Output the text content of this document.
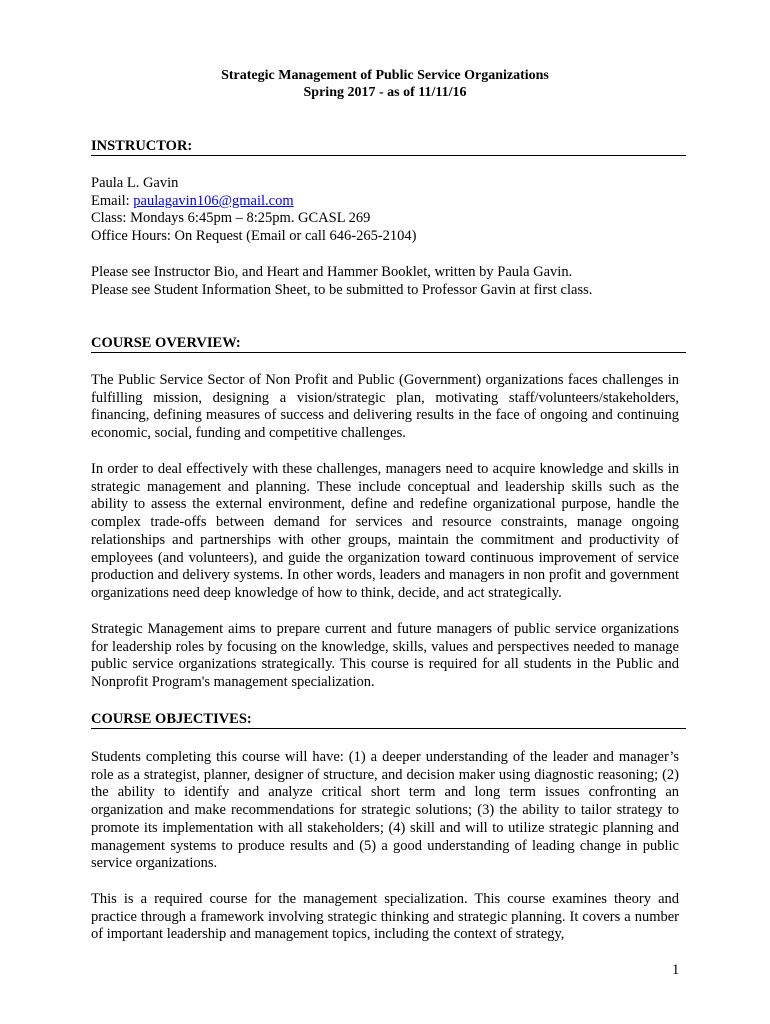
Strategic Management of Public Service Organizations
Spring 2017 - as of 11/11/16
INSTRUCTOR:
Paula L. Gavin
Email: paulagavin106@gmail.com
Class: Mondays 6:45pm – 8:25pm. GCASL 269
Office Hours: On Request (Email or call 646-265-2104)
Please see Instructor Bio, and Heart and Hammer Booklet, written by Paula Gavin.
Please see Student Information Sheet, to be submitted to Professor Gavin at first class.
COURSE OVERVIEW:
The Public Service Sector of Non Profit and Public (Government) organizations faces challenges in fulfilling mission, designing a vision/strategic plan, motivating staff/volunteers/stakeholders, financing, defining measures of success and delivering results in the face of ongoing and continuing economic, social, funding and competitive challenges.
In order to deal effectively with these challenges, managers need to acquire knowledge and skills in strategic management and planning. These include conceptual and leadership skills such as the ability to assess the external environment, define and redefine organizational purpose, handle the complex trade-offs between demand for services and resource constraints, manage ongoing relationships and partnerships with other groups, maintain the commitment and productivity of employees (and volunteers), and guide the organization toward continuous improvement of service production and delivery systems. In other words, leaders and managers in non profit and government organizations need deep knowledge of how to think, decide, and act strategically.
Strategic Management aims to prepare current and future managers of public service organizations for leadership roles by focusing on the knowledge, skills, values and perspectives needed to manage public service organizations strategically. This course is required for all students in the Public and Nonprofit Program's management specialization.
COURSE OBJECTIVES:
Students completing this course will have: (1) a deeper understanding of the leader and manager’s role as a strategist, planner, designer of structure, and decision maker using diagnostic reasoning; (2) the ability to identify and analyze critical short term and long term issues confronting an organization and make recommendations for strategic solutions; (3) the ability to tailor strategy to promote its implementation with all stakeholders; (4) skill and will to utilize strategic planning and management systems to produce results and (5) a good understanding of leading change in public service organizations.
This is a required course for the management specialization. This course examines theory and practice through a framework involving strategic thinking and strategic planning. It covers a number of important leadership and management topics, including the context of strategy,
1
